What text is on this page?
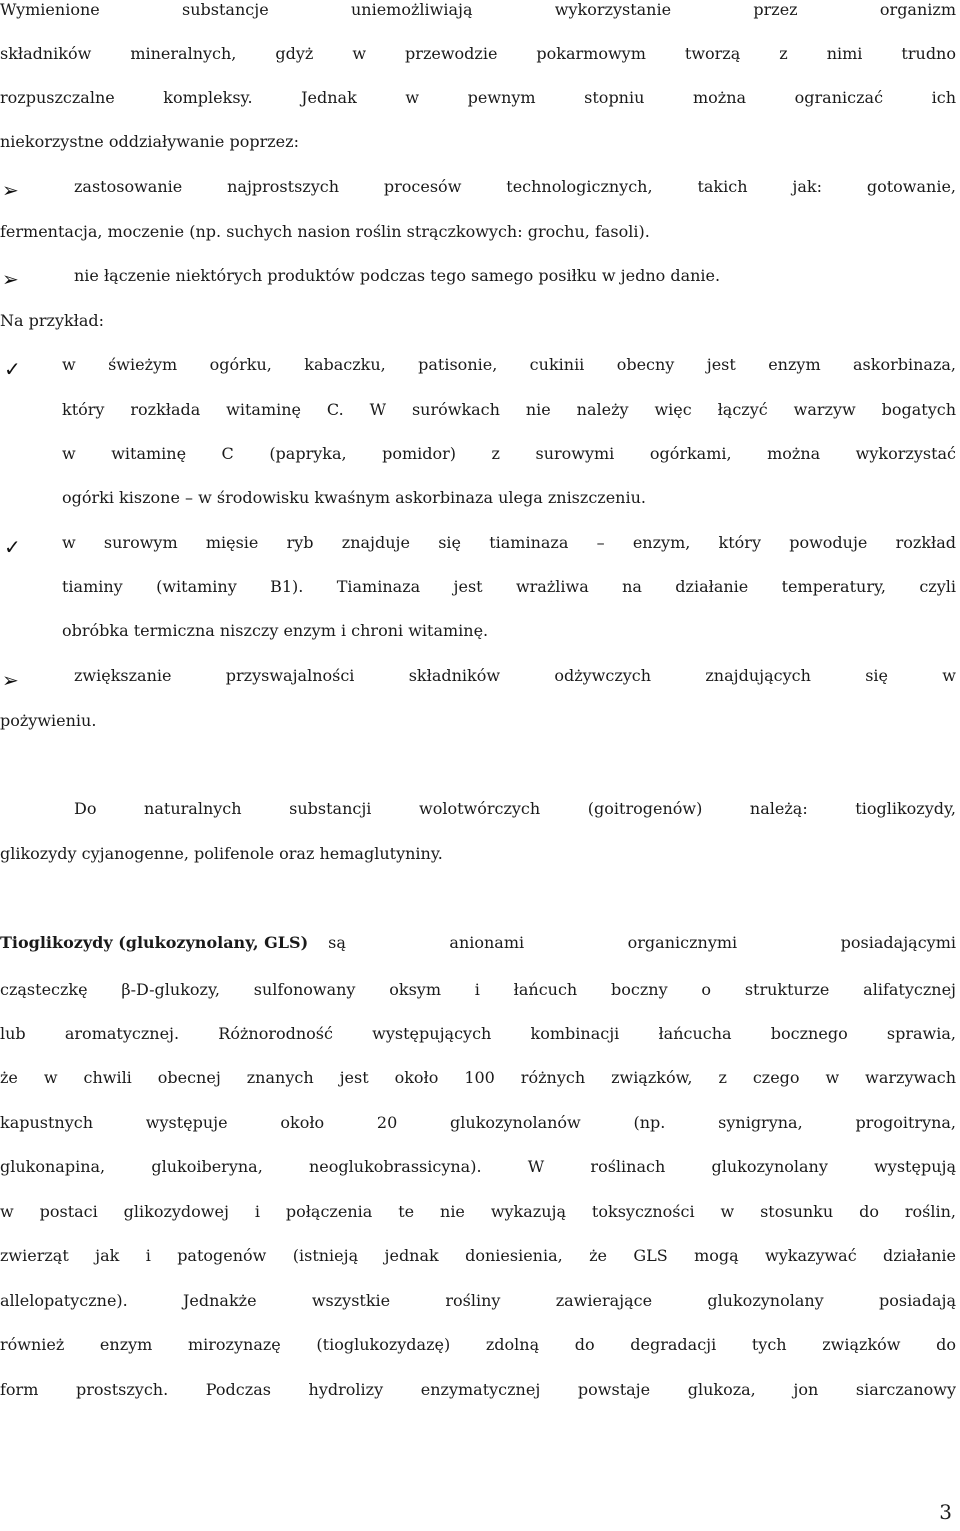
Wymienione substancje uniemożliwiają wykorzystanie przez organizm
składników mineralnych, gdyż w przewodzie pokarmowym tworzą z nimi trudno
rozpuszczalne kompleksy. Jednak w pewnym stopniu można ograniczać ich
niekorzystne oddziaływanie poprzez:
➢	zastosowanie najprostszych procesów technologicznych, takich jak: gotowanie,
fermentacja, moczenie (np. suchych nasion roślin strączkowych: grochu, fasoli).
➢	nie łączenie niektórych produktów podczas tego samego posiłku w jedno danie.
Na przykład:
✓	w świeżym ogórku, kabaczku, patisonie, cukinii obecny jest enzym askorbinaza,
który rozkłada witaminę C. W surówkach nie należy więc łączyć warzyw bogatych
w witaminę C (papryka, pomidor) z surowymi ogórkami, można wykorzystać
ogórki kiszone – w środowisku kwaśnym askorbinaza ulega zniszczeniu.
✓	w surowym mięsie ryb znajduje się tiaminaza – enzym, który powoduje rozkład
tiaminy (witaminy B1). Tiaminaza jest wrażliwa na działanie temperatury, czyli
obróbka termiczna niszczy enzym i chroni witaminę.
➢	zwiększanie przyswajalności składników odżywczych znajdujących się w
pożywieniu.
Do naturalnych substancji wolotwórczych (goitrogenów) należą: tioglikozydy,
glikozydy cyjanogenne, polifenole oraz hemaglutyniny.
Tioglikozydy (glukozynolany, GLS) są anionami organicznymi posiadającymi
cząsteczkę β-D-glukozy, sulfonowany oksym i łańcuch boczny o strukturze alifatycznej
lub aromatycznej. Różnorodność występujących kombinacji łańcucha bocznego sprawia,
że w chwili obecnej znanych jest około 100 różnych związków, z czego w warzywach
kapustnych występuje około 20 glukozynolanów (np. synigryna, progoitryna,
glukonapina, glukoiberyna, neoglukobrassicyna). W roślinach glukozynolany występują
w postaci glikozydowej i połączenia te nie wykazują toksyczności w stosunku do roślin,
zwierząt jak i patogenów (istnieją jednak doniesienia, że GLS mogą wykazywać działanie
allelopatyczne). Jednakże wszystkie rośliny zawierające glukozynolany posiadają
również enzym mirozynazę (tioglukozydazę) zdolną do degradacji tych związków do
form prostszych. Podczas hydrolizy enzymatycznej powstaje glukoza, jon siarczanowy
3
